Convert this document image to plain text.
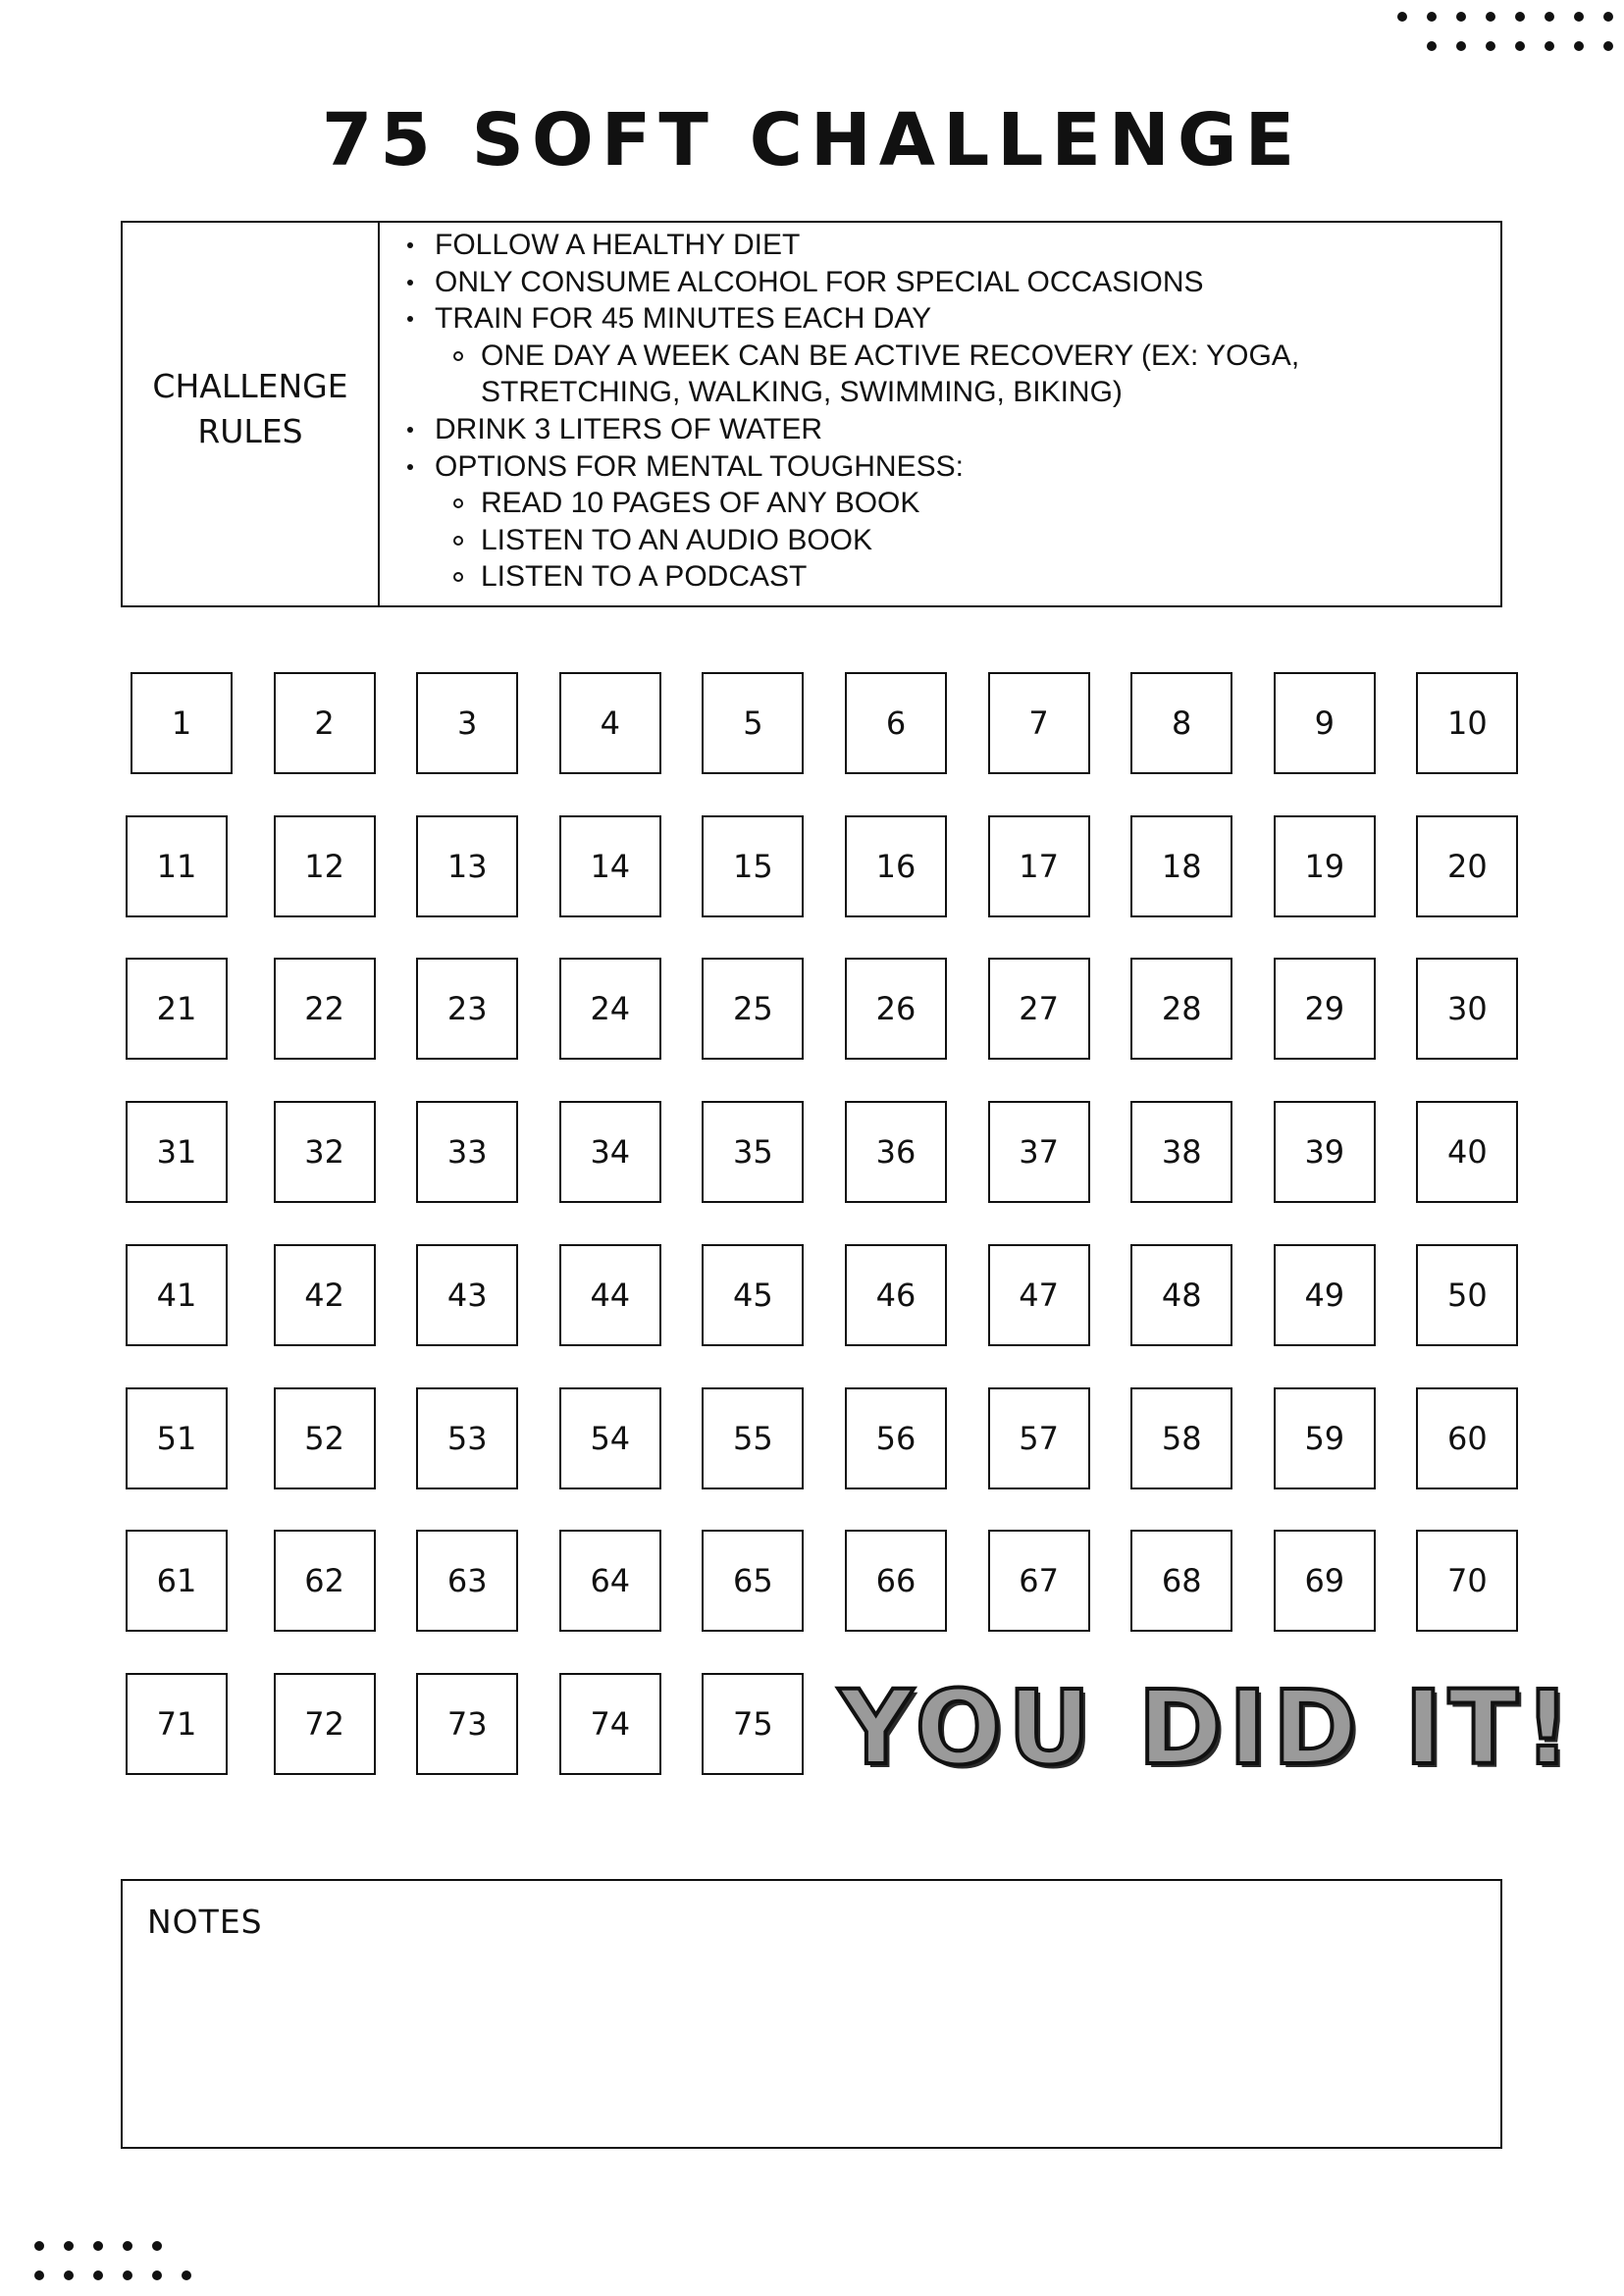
75 SOFT CHALLENGE
CHALLENGE
RULES
FOLLOW A HEALTHY DIET
ONLY CONSUME ALCOHOL FOR SPECIAL OCCASIONS
TRAIN FOR 45 MINUTES EACH DAY
ONE DAY A WEEK CAN BE ACTIVE RECOVERY (EX: YOGA,
STRETCHING, WALKING, SWIMMING, BIKING)
DRINK 3 LITERS OF WATER
OPTIONS FOR MENTAL TOUGHNESS:
READ 10 PAGES OF ANY BOOK
LISTEN TO AN AUDIO BOOK
LISTEN TO A PODCAST
1	2	3	4	5	6	7	8	9	10
11	12	13	14	15	16	17	18	19	20
21	22	23	24	25	26	27	28	29	30
31	32	33	34	35	36	37	38	39	40
41	42	43	44	45	46	47	48	49	50
51	52	53	54	55	56	57	58	59	60
61	62	63	64	65	66	67	68	69	70
71	72	73	74	75 YOU DID IT!
NOTES
